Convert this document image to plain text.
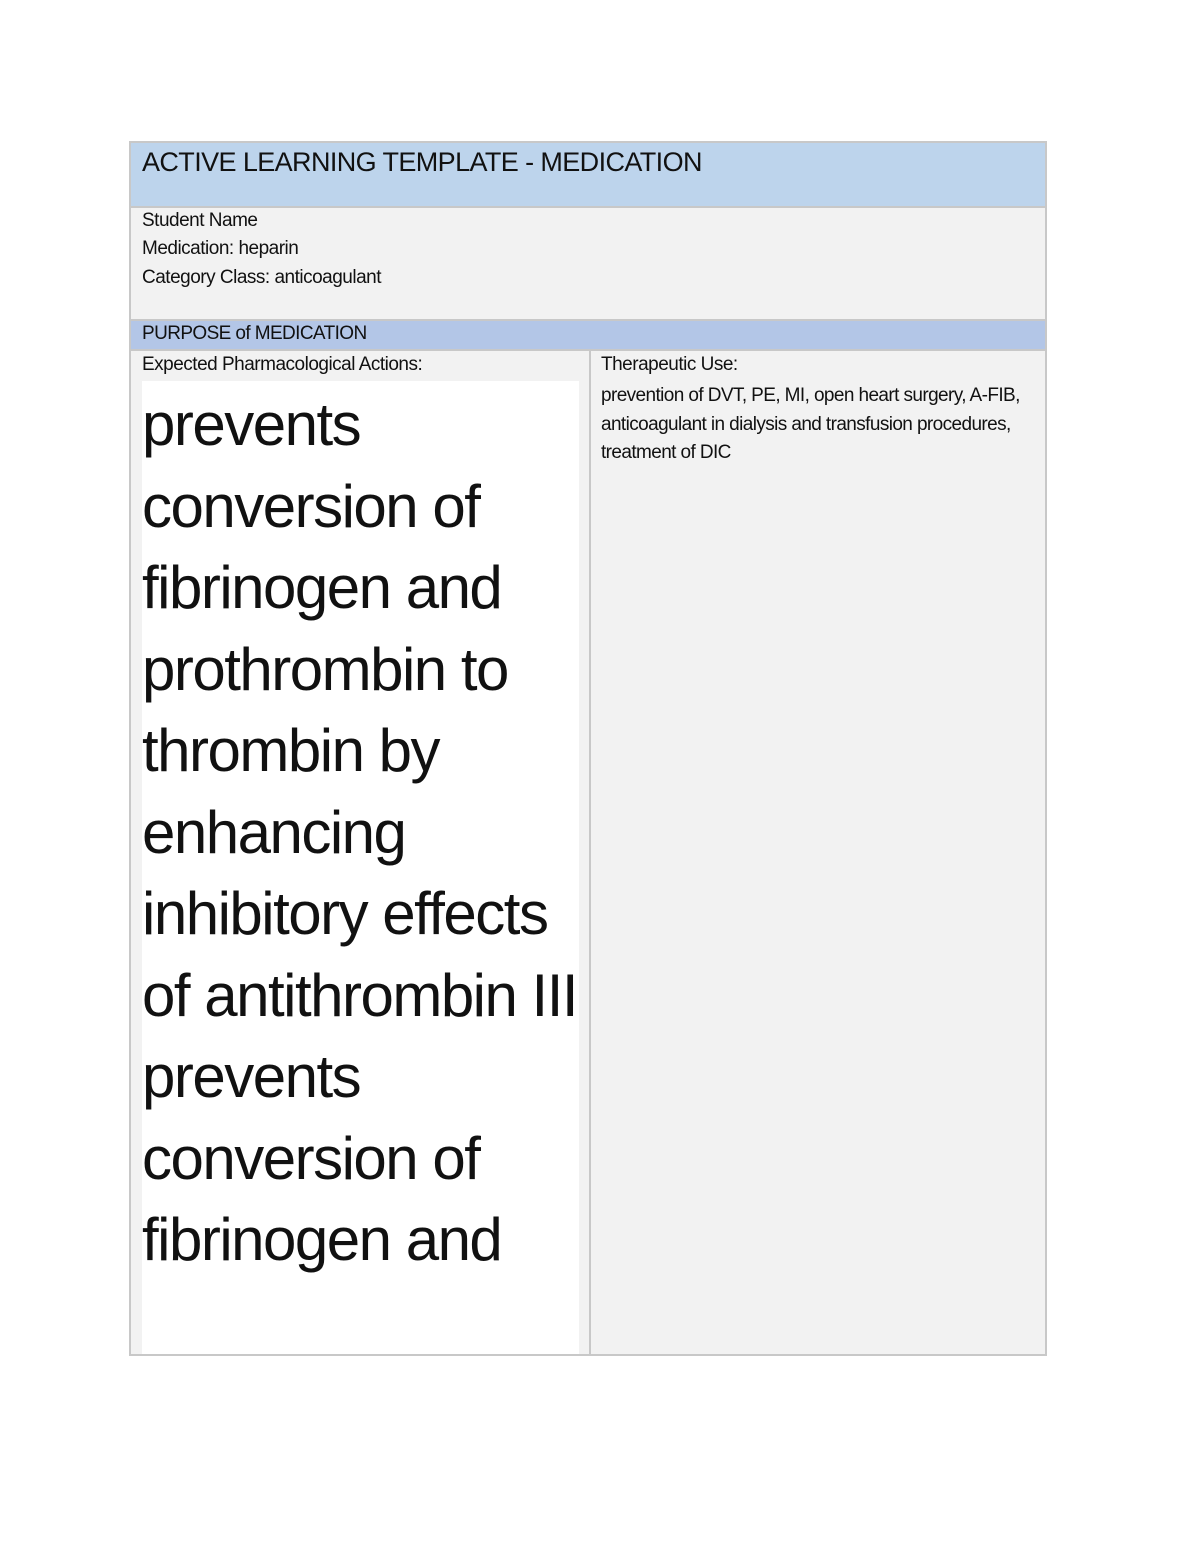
ACTIVE LEARNING TEMPLATE - MEDICATION
Student Name
Medication: heparin
Category Class: anticoagulant
PURPOSE of MEDICATION
Expected Pharmacological Actions:

prevents conversion of fibrinogen and prothrombin to thrombin by enhancing inhibitory effects of antithrombin III prevents conversion of fibrinogen and

Therapeutic Use:

prevention of DVT, PE, MI, open heart surgery, A-FIB, anticoagulant in dialysis and transfusion procedures, treatment of DIC
